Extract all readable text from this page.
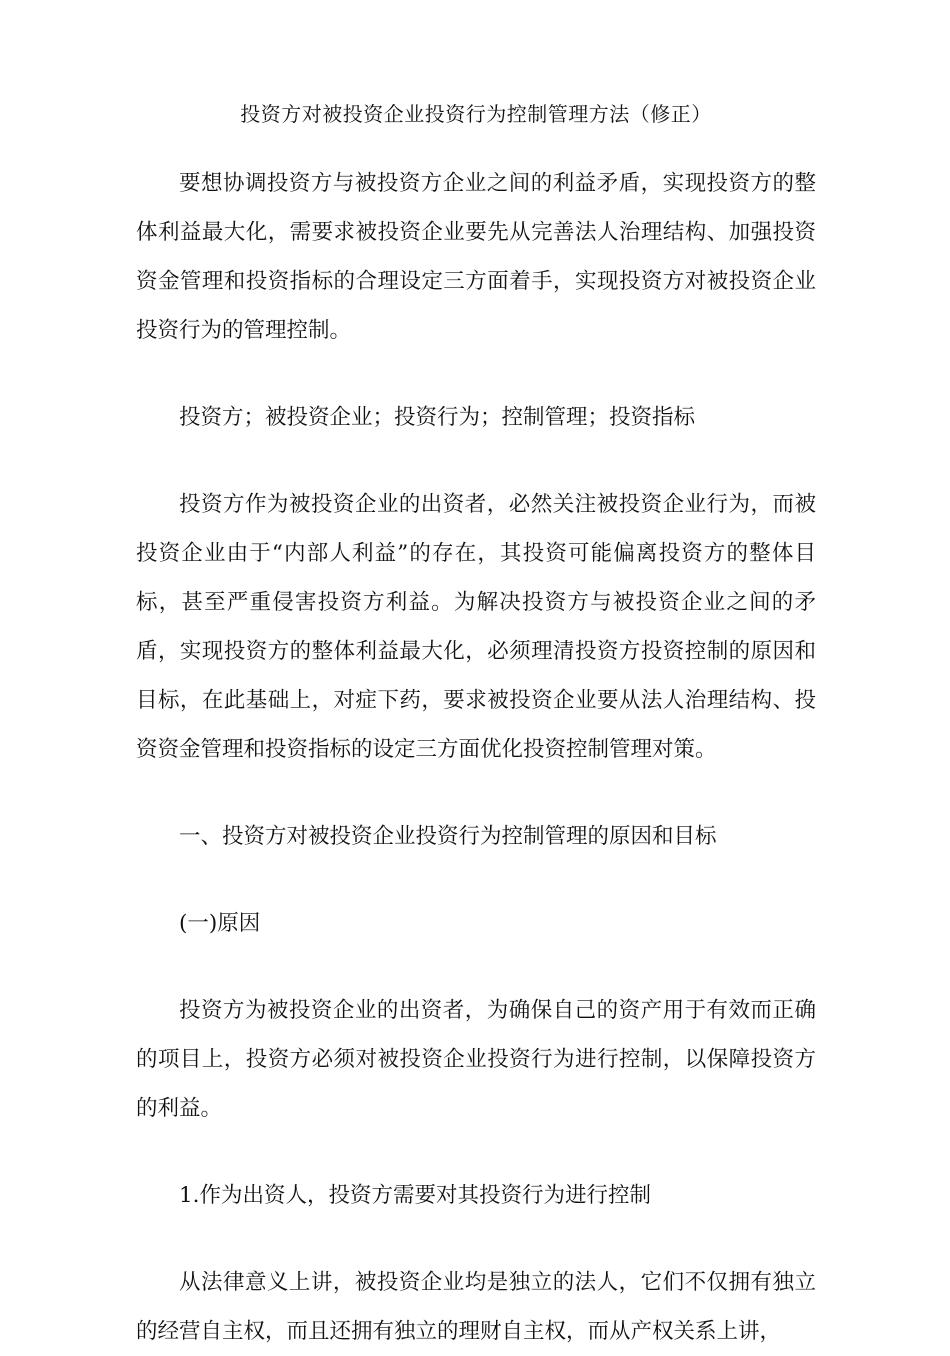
投资方对被投资企业投资行为控制管理方法（修正）

要想协调投资方与被投资方企业之间的利益矛盾，实现投资方的整体利益最大化，需要求被投资企业要先从完善法人治理结构、加强投资资金管理和投资指标的合理设定三方面着手，实现投资方对被投资企业投资行为的管理控制。

投资方；被投资企业；投资行为；控制管理；投资指标

投资方作为被投资企业的出资者，必然关注被投资企业行为，而被投资企业由于“内部人利益”的存在，其投资可能偏离投资方的整体目标，甚至严重侵害投资方利益。为解决投资方与被投资企业之间的矛盾，实现投资方的整体利益最大化，必须理清投资方投资控制的原因和目标，在此基础上，对症下药，要求被投资企业要从法人治理结构、投资资金管理和投资指标的设定三方面优化投资控制管理对策。

一、投资方对被投资企业投资行为控制管理的原因和目标

(一)原因

投资方为被投资企业的出资者，为确保自己的资产用于有效而正确的项目上，投资方必须对被投资企业投资行为进行控制，以保障投资方的利益。

1.作为出资人，投资方需要对其投资行为进行控制

从法律意义上讲，被投资企业均是独立的法人，它们不仅拥有独立的经营自主权，而且还拥有独立的理财自主权，而从产权关系上讲，
